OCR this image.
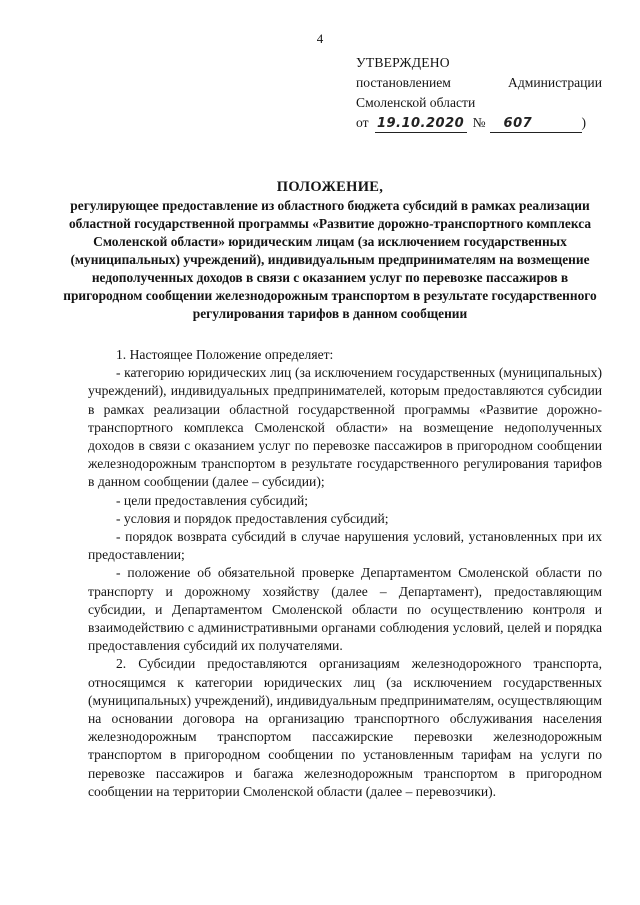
4
УТВЕРЖДЕНО
постановлением	Администрации
Смоленской области
от 19.10.2020 №	607	)
ПОЛОЖЕНИЕ,

регулирующее предоставление из областного бюджета субсидий в рамках реализации областной государственной программы «Развитие дорожно-транспортного комплекса Смоленской области» юридическим лицам (за исключением государственных (муниципальных) учреждений), индивидуальным предпринимателям на возмещение недополученных доходов в связи с оказанием услуг по перевозке пассажиров в пригородном сообщении железнодорожным транспортом в результате государственного регулирования тарифов в данном сообщении

1. Настоящее Положение определяет:

- категорию юридических лиц (за исключением государственных (муниципальных) учреждений), индивидуальных предпринимателей, которым предоставляются субсидии в рамках реализации областной государственной программы «Развитие дорожно-транспортного комплекса Смоленской области» на возмещение недополученных доходов в связи с оказанием услуг по перевозке пассажиров в пригородном сообщении железнодорожным транспортом в результате государственного регулирования тарифов в данном сообщении (далее – субсидии);

- цели предоставления субсидий;

- условия и порядок предоставления субсидий;

- порядок возврата субсидий в случае нарушения условий, установленных при их предоставлении;

- положение об обязательной проверке Департаментом Смоленской области по транспорту и дорожному хозяйству (далее – Департамент), предоставляющим субсидии, и Департаментом Смоленской области по осуществлению контроля и взаимодействию с административными органами соблюдения условий, целей и порядка предоставления субсидий их получателями.

2. Субсидии предоставляются организациям железнодорожного транспорта, относящимся к категории юридических лиц (за исключением государственных (муниципальных) учреждений), индивидуальным предпринимателям, осуществляющим на основании договора на организацию транспортного обслуживания населения железнодорожным транспортом пассажирские перевозки железнодорожным транспортом в пригородном сообщении по установленным тарифам на услуги по перевозке пассажиров и багажа железнодорожным транспортом в пригородном сообщении на территории Смоленской области (далее – перевозчики).
